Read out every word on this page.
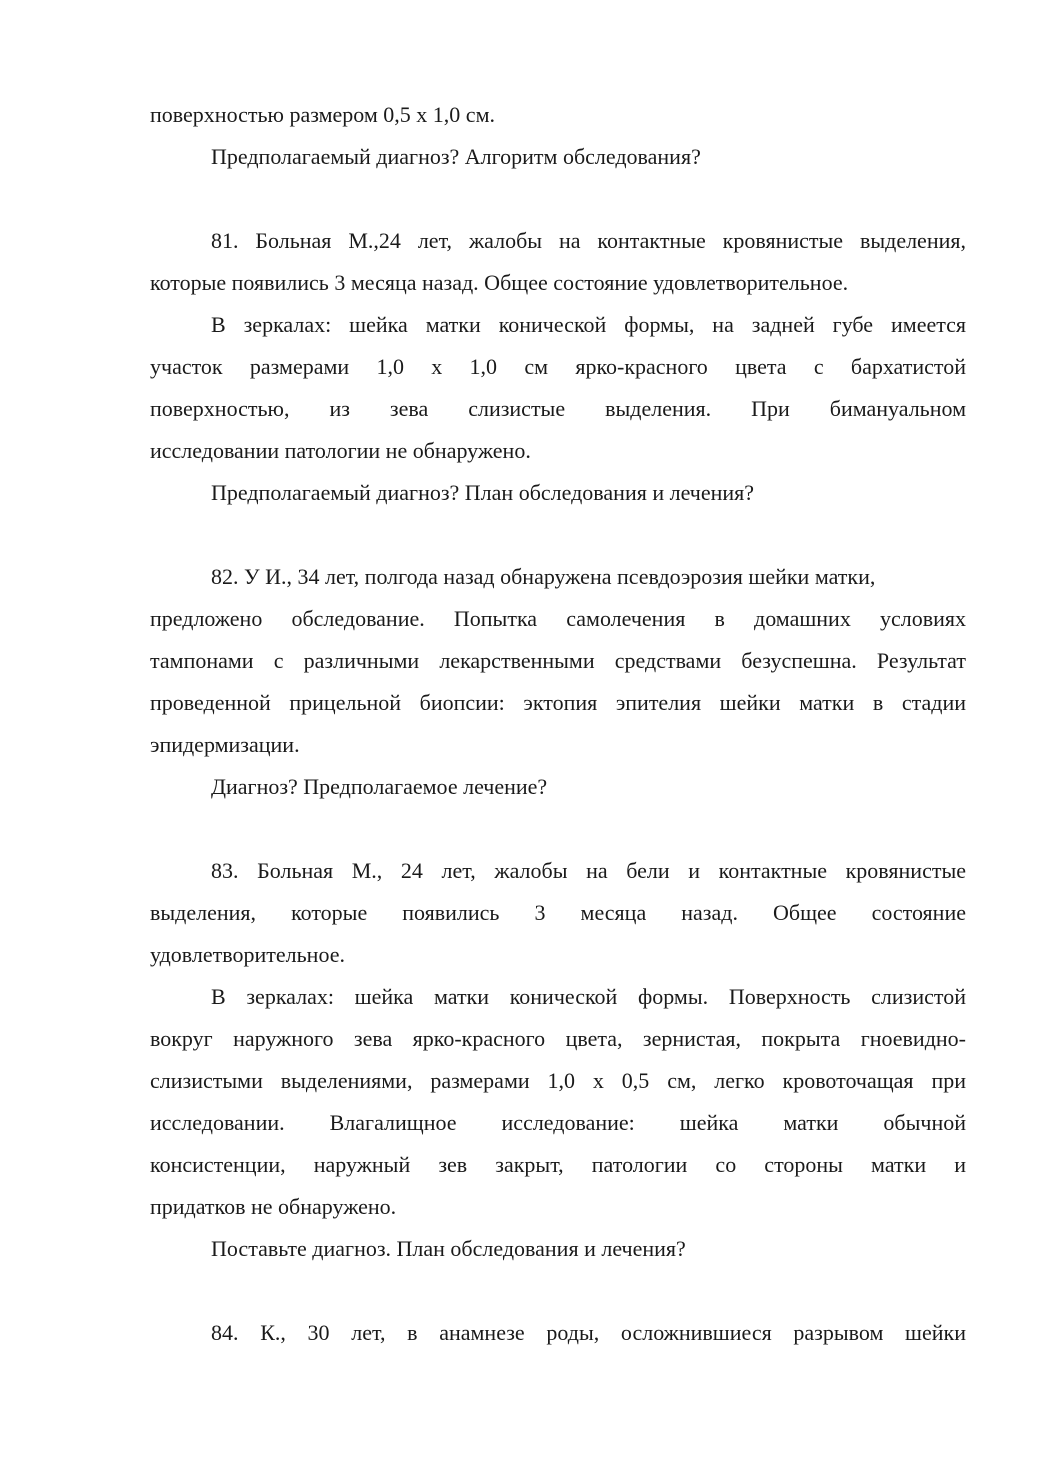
поверхностью размером 0,5 х 1,0 см.
Предполагаемый диагноз? Алгоритм обследования?
81. Больная М.,24 лет, жалобы на контактные кровянистые выделения,
которые появились 3 месяца назад. Общее состояние удовлетворительное.
В зеркалах: шейка матки конической формы, на задней губе имеется
участок размерами 1,0 х 1,0 см ярко-красного цвета с бархатистой
поверхностью, из зева слизистые выделения. При бимануальном
исследовании патологии не обнаружено.
Предполагаемый диагноз? План обследования и лечения?
82. У И., 34 лет, полгода назад обнаружена псевдоэрозия шейки матки,
предложено обследование. Попытка самолечения в домашних условиях
тампонами с различными лекарственными средствами безуспешна. Результат
проведенной прицельной биопсии: эктопия эпителия шейки матки в стадии
эпидермизации.
Диагноз? Предполагаемое лечение?
83. Больная М., 24 лет, жалобы на бели и контактные кровянистые
выделения, которые появились 3 месяца назад. Общее состояние
удовлетворительное.
В зеркалах: шейка матки конической формы. Поверхность слизистой
вокруг наружного зева ярко-красного цвета, зернистая, покрыта гноевидно-
слизистыми выделениями, размерами 1,0 х 0,5 см, легко кровоточащая при
исследовании. Влагалищное исследование: шейка матки обычной
консистенции, наружный зев закрыт, патологии со стороны матки и
придатков не обнаружено.
Поставьте диагноз. План обследования и лечения?
84. К., 30 лет, в анамнезе роды, осложнившиеся разрывом шейки
